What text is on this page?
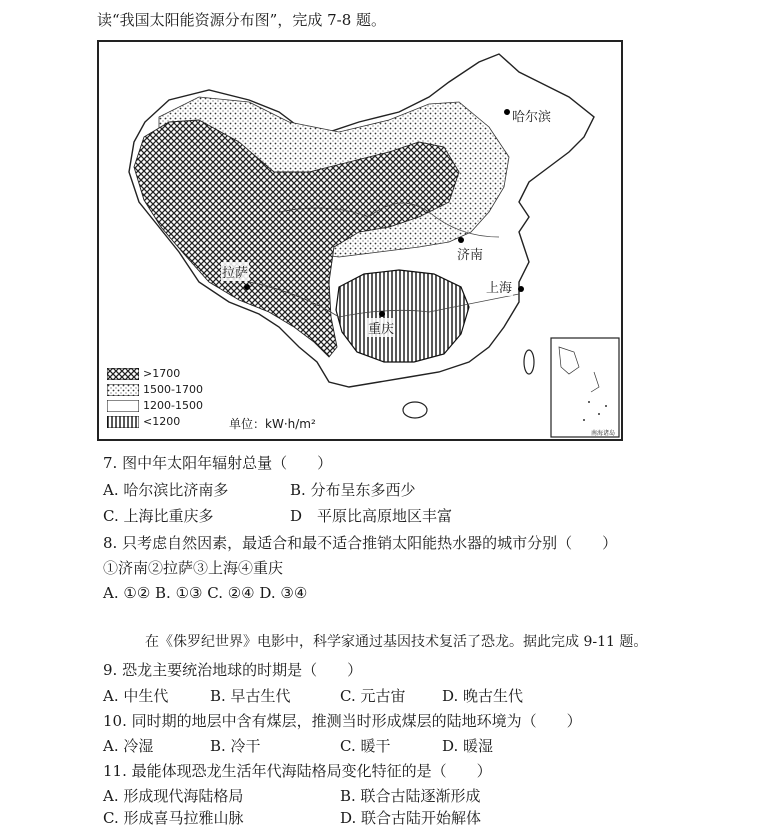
读“我国太阳能资源分布图”，完成 7-8 题。
哈尔滨
济南
上海
拉萨
重庆
>1700
1500-1700
1200-1500
<1200	单位：kW·h/m²
南海诸岛
7. 图中年太阳年辐射总量（　　）
A. 哈尔滨比济南多	B. 分布呈东多西少
C. 上海比重庆多	D　平原比高原地区丰富
8. 只考虑自然因素，最适合和最不适合推销太阳能热水器的城市分别（　　）
①济南②拉萨③上海④重庆
A. ①② B. ①③ C. ②④ D. ③④
在《侏罗纪世界》电影中，科学家通过基因技术复活了恐龙。据此完成 9-11 题。
9. 恐龙主要统治地球的时期是（　　）
A. 中生代	B. 早古生代	C. 元古宙 D. 晚古生代
10. 同时期的地层中含有煤层，推测当时形成煤层的陆地环境为（　　）
A. 冷湿	B. 冷干	C. 暖干	D. 暖湿
11. 最能体现恐龙生活年代海陆格局变化特征的是（　　）
A. 形成现代海陆格局	B. 联合古陆逐渐形成
C. 形成喜马拉雅山脉	D. 联合古陆开始解体
